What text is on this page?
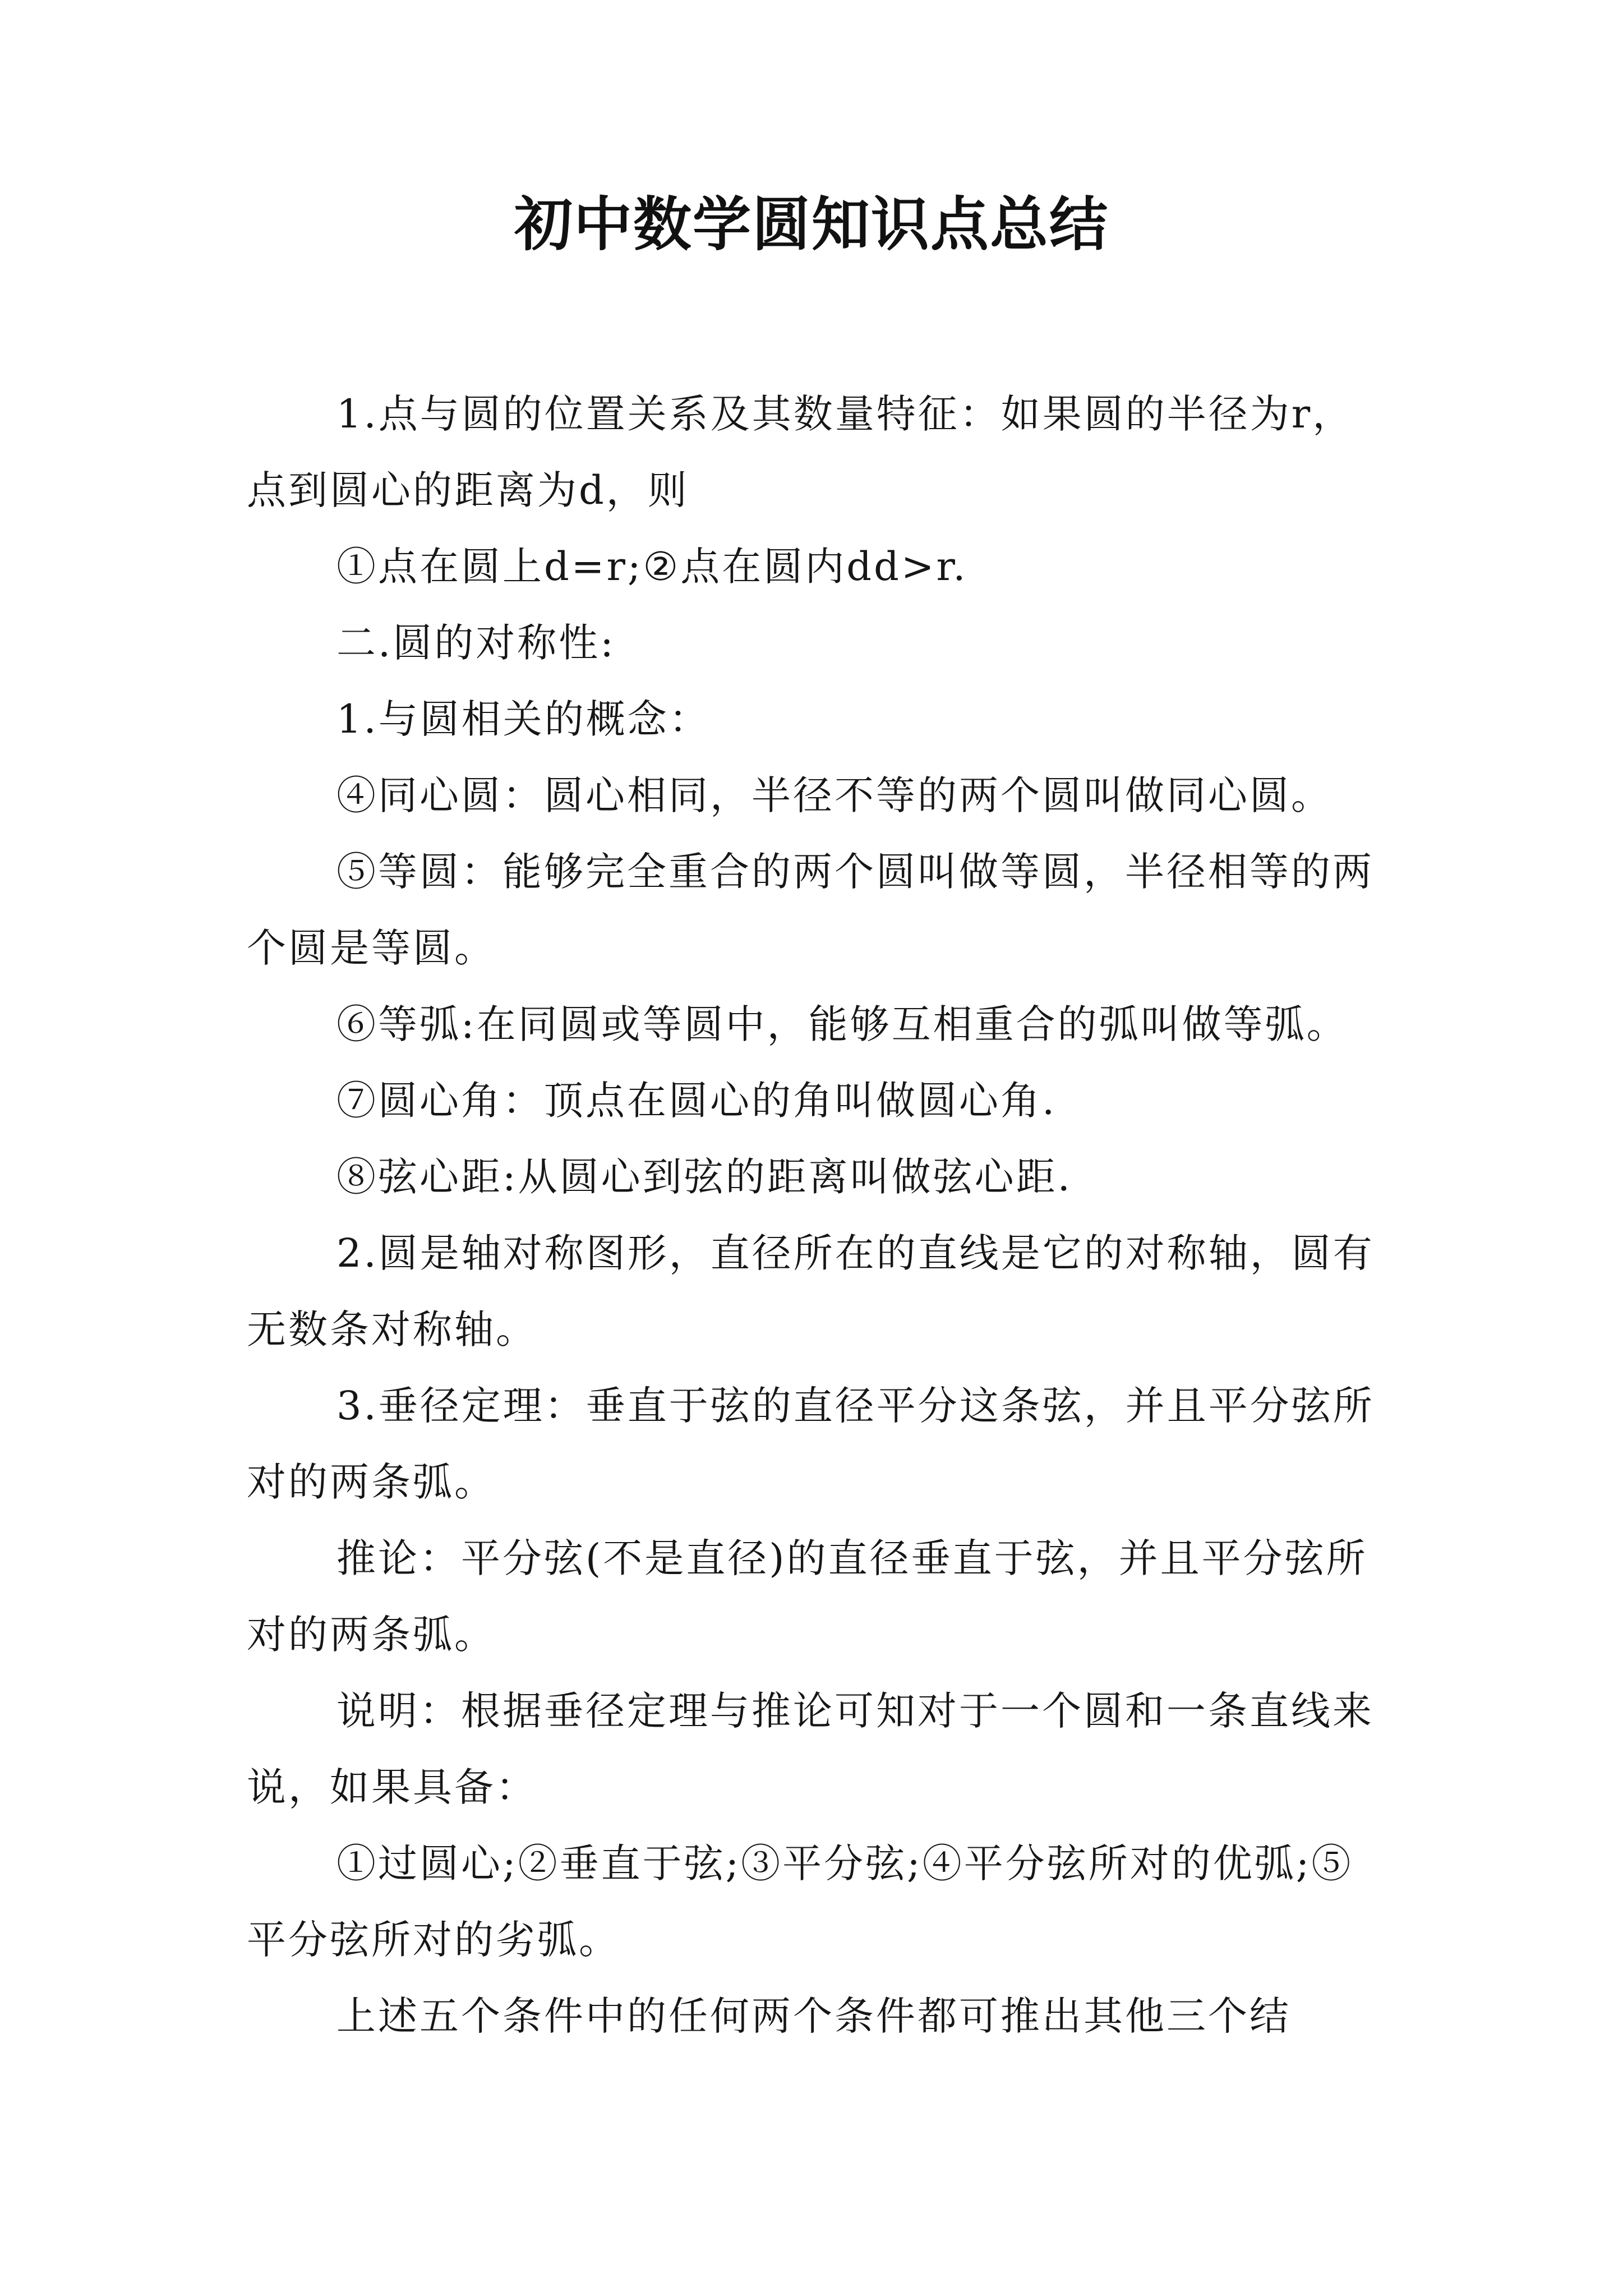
初中数学圆知识点总结

1.点与圆的位置关系及其数量特征：如果圆的半径为r，点到圆心的距离为d，则

①点在圆上d=r;②点在圆内dd>r.

二.圆的对称性:

1.与圆相关的概念：

④同心圆：圆心相同，半径不等的两个圆叫做同心圆。

⑤等圆：能够完全重合的两个圆叫做等圆，半径相等的两个圆是等圆。

⑥等弧:在同圆或等圆中，能够互相重合的弧叫做等弧。

⑦圆心角：顶点在圆心的角叫做圆心角.

⑧弦心距:从圆心到弦的距离叫做弦心距.

2.圆是轴对称图形，直径所在的直线是它的对称轴，圆有无数条对称轴。

3.垂径定理：垂直于弦的直径平分这条弦，并且平分弦所对的两条弧。

推论：平分弦(不是直径)的直径垂直于弦，并且平分弦所对的两条弧。

说明：根据垂径定理与推论可知对于一个圆和一条直线来说，如果具备：

①过圆心;②垂直于弦;③平分弦;④平分弦所对的优弧;⑤平分弦所对的劣弧。

上述五个条件中的任何两个条件都可推出其他三个结
